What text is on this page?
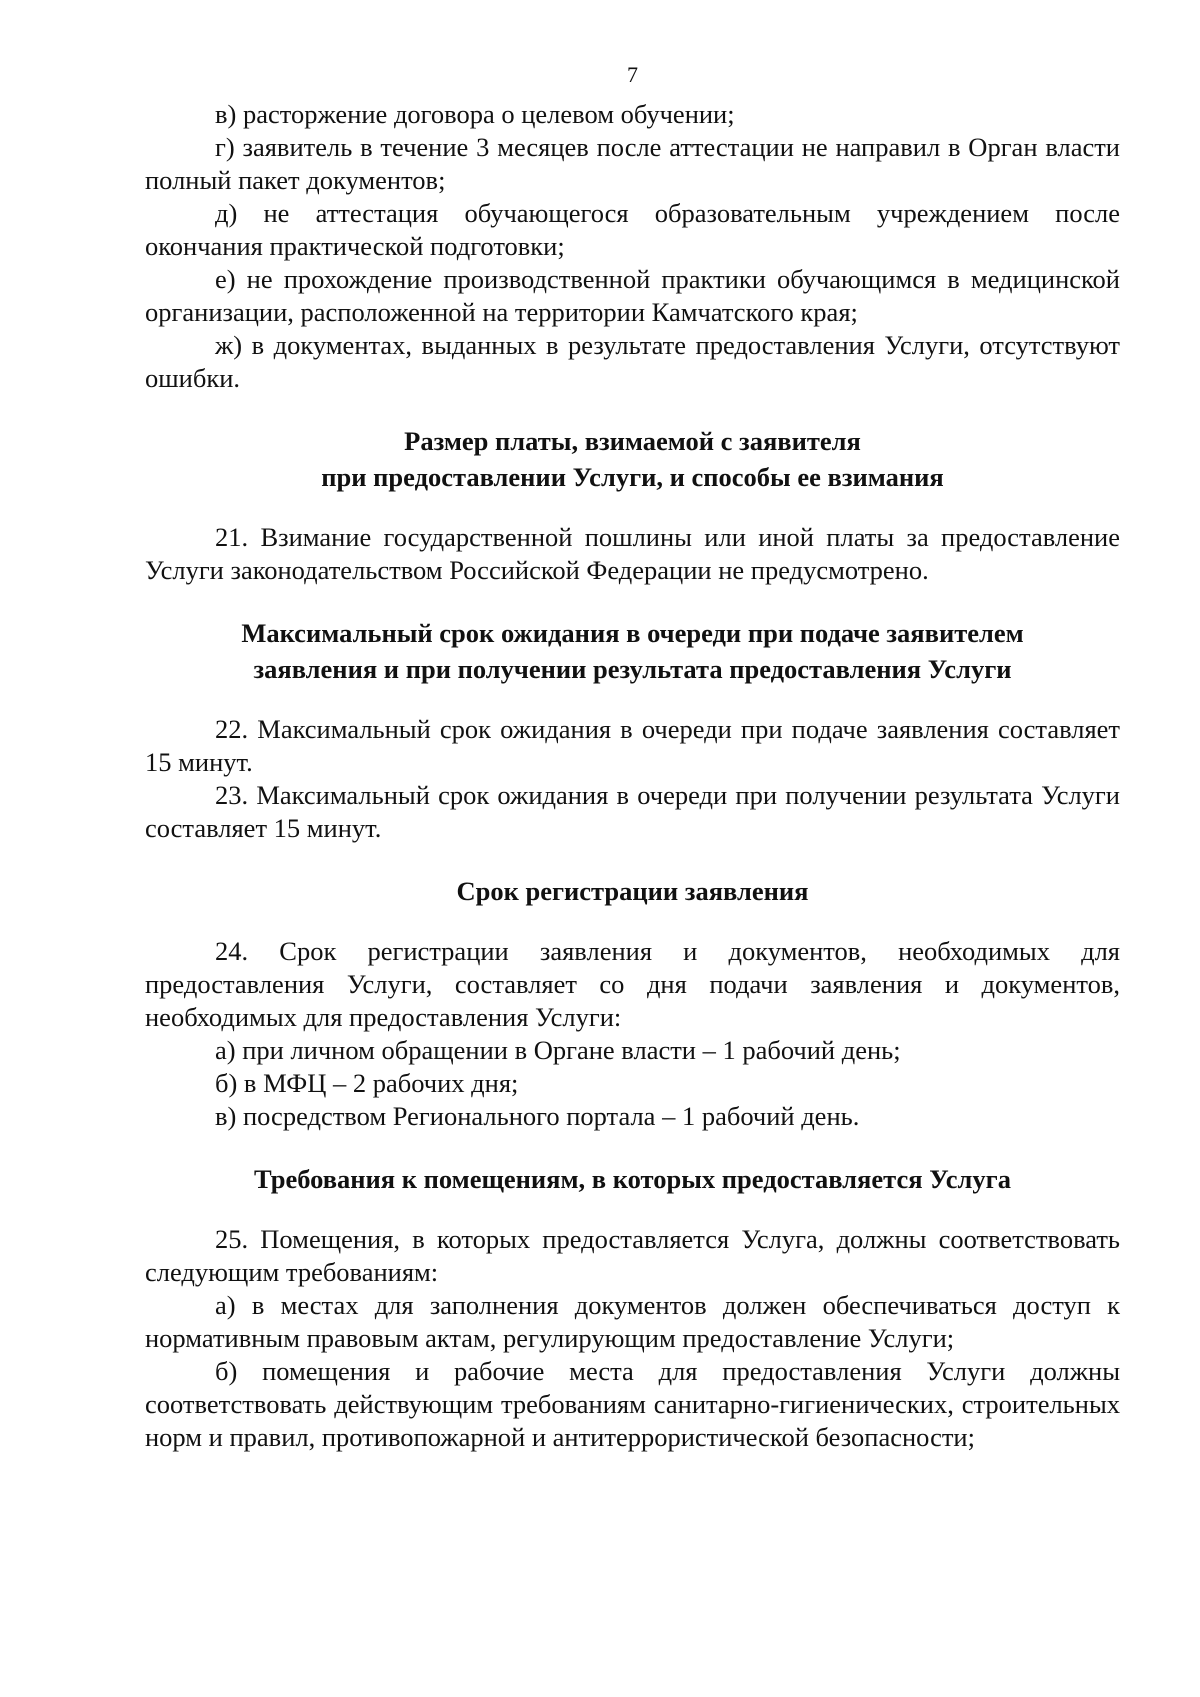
7

в) расторжение договора о целевом обучении;

г) заявитель в течение 3 месяцев после аттестации не направил в Орган власти полный пакет документов;

д) не аттестация обучающегося образовательным учреждением после окончания практической подготовки;

е) не прохождение производственной практики обучающимся в медицинской организации, расположенной на территории Камчатского края;

ж) в документах, выданных в результате предоставления Услуги, отсутствуют ошибки.

Размер платы, взимаемой с заявителя
при предоставлении Услуги, и способы ее взимания

21. Взимание государственной пошлины или иной платы за предоставление Услуги законодательством Российской Федерации не предусмотрено.

Максимальный срок ожидания в очереди при подаче заявителем
заявления и при получении результата предоставления Услуги

22. Максимальный срок ожидания в очереди при подаче заявления составляет 15 минут.

23. Максимальный срок ожидания в очереди при получении результата Услуги составляет 15 минут.

Срок регистрации заявления

24. Срок регистрации заявления и документов, необходимых для предоставления Услуги, составляет со дня подачи заявления и документов, необходимых для предоставления Услуги:

а) при личном обращении в Органе власти – 1 рабочий день;

б) в МФЦ – 2 рабочих дня;

в) посредством Регионального портала – 1 рабочий день.

Требования к помещениям, в которых предоставляется Услуга

25. Помещения, в которых предоставляется Услуга, должны соответствовать следующим требованиям:

а) в местах для заполнения документов должен обеспечиваться доступ к нормативным правовым актам, регулирующим предоставление Услуги;

б) помещения и рабочие места для предоставления Услуги должны соответствовать действующим требованиям санитарно-гигиенических, строительных норм и правил, противопожарной и антитеррористической безопасности;
